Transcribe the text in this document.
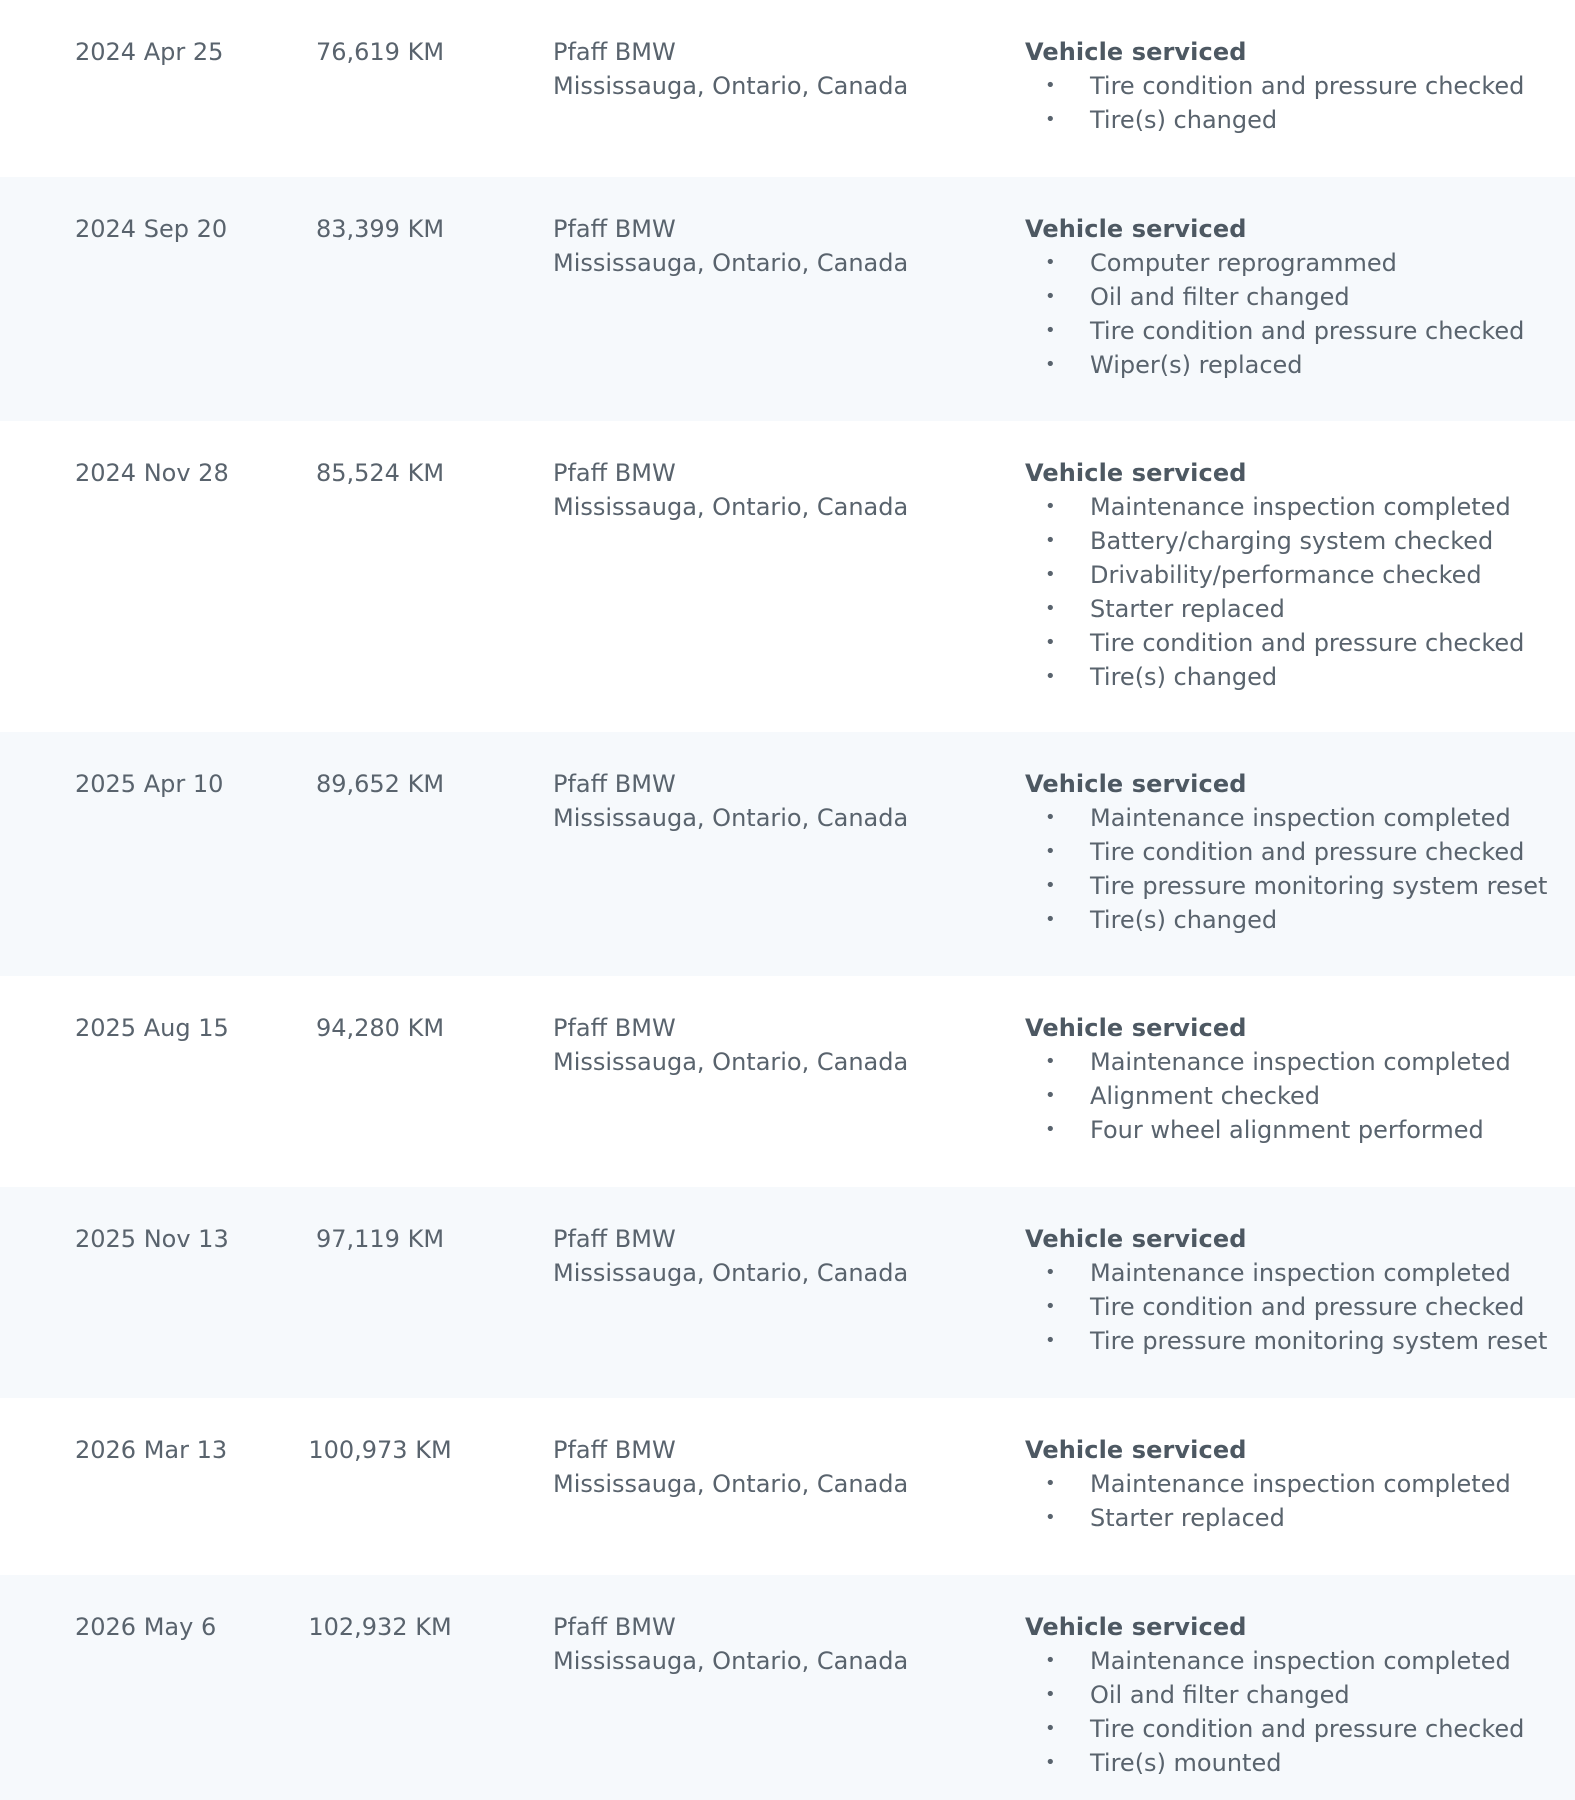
2024 Apr 25	76,619 KM	Pfaff BMW
Mississauga, Ontario, Canada
Vehicle serviced
• Tire condition and pressure checked
• Tire(s) changed
2024 Sep 20	83,399 KM	Pfaff BMW
Mississauga, Ontario, Canada
Vehicle serviced
• Computer reprogrammed
• Oil and filter changed
• Tire condition and pressure checked
• Wiper(s) replaced
2024 Nov 28	85,524 KM	Pfaff BMW
Mississauga, Ontario, Canada
Vehicle serviced
• Maintenance inspection completed
• Battery/charging system checked
• Drivability/performance checked
• Starter replaced
• Tire condition and pressure checked
• Tire(s) changed
2025 Apr 10	89,652 KM	Pfaff BMW
Mississauga, Ontario, Canada
Vehicle serviced
• Maintenance inspection completed
• Tire condition and pressure checked
• Tire pressure monitoring system reset
• Tire(s) changed
2025 Aug 15	94,280 KM	Pfaff BMW
Mississauga, Ontario, Canada
Vehicle serviced
• Maintenance inspection completed
• Alignment checked
• Four wheel alignment performed
2025 Nov 13	97,119 KM	Pfaff BMW
Mississauga, Ontario, Canada
Vehicle serviced
• Maintenance inspection completed
• Tire condition and pressure checked
• Tire pressure monitoring system reset
2026 Mar 13	100,973 KM	Pfaff BMW
Mississauga, Ontario, Canada
Vehicle serviced
• Maintenance inspection completed
• Starter replaced
2026 May 6	102,932 KM	Pfaff BMW
Mississauga, Ontario, Canada
Vehicle serviced
• Maintenance inspection completed
• Oil and filter changed
• Tire condition and pressure checked
• Tire(s) mounted
